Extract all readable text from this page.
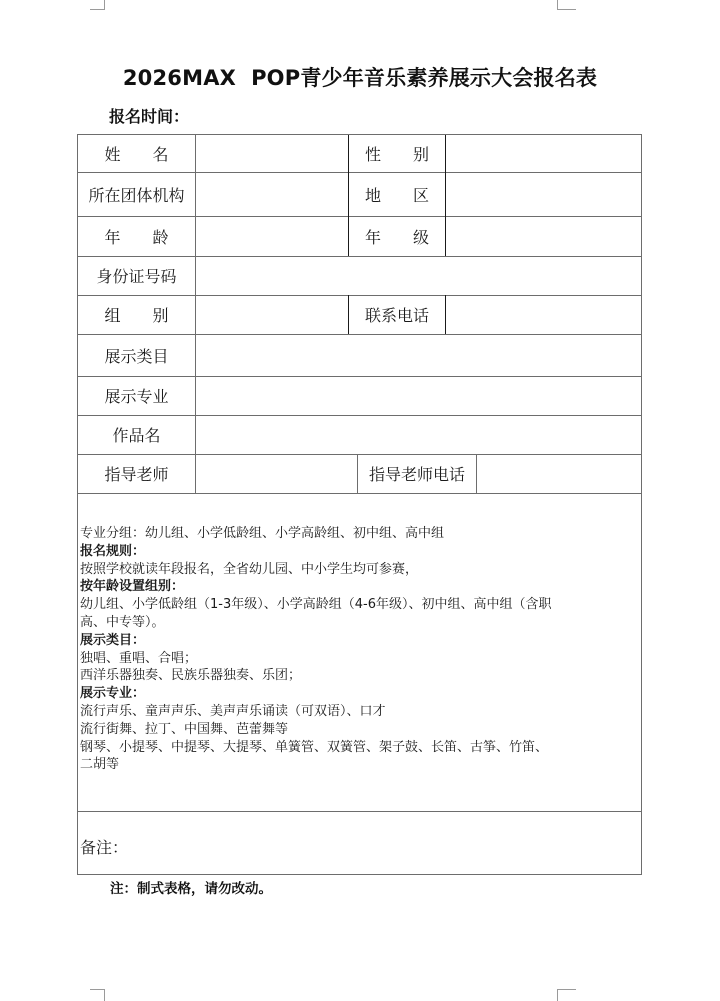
2026MAX  POP青少年音乐素养展示大会报名表
报名时间：
姓　　名	性　　别
所在团体机构	地　　区
年　　龄	年　　级
身份证号码
组　　别	联系电话
展示类目
展示专业
作品名
指导老师	指导老师电话
专业分组：幼儿组、小学低龄组、小学高龄组、初中组、高中组
报名规则：
按照学校就读年段报名，全省幼儿园、中小学生均可参赛，
按年龄设置组别：
幼儿组、小学低龄组（1-3年级）、小学高龄组（4-6年级）、初中组、高中组（含职
高、中专等）。
展示类目：
独唱、重唱、合唱；
西洋乐器独奏、民族乐器独奏、乐团；
展示专业：
流行声乐、童声声乐、美声声乐诵读（可双语）、口才
流行街舞、拉丁、中国舞、芭蕾舞等
钢琴、小提琴、中提琴、大提琴、单簧管、双簧管、架子鼓、长笛、古筝、竹笛、
二胡等
备注：
注：制式表格，请勿改动。
